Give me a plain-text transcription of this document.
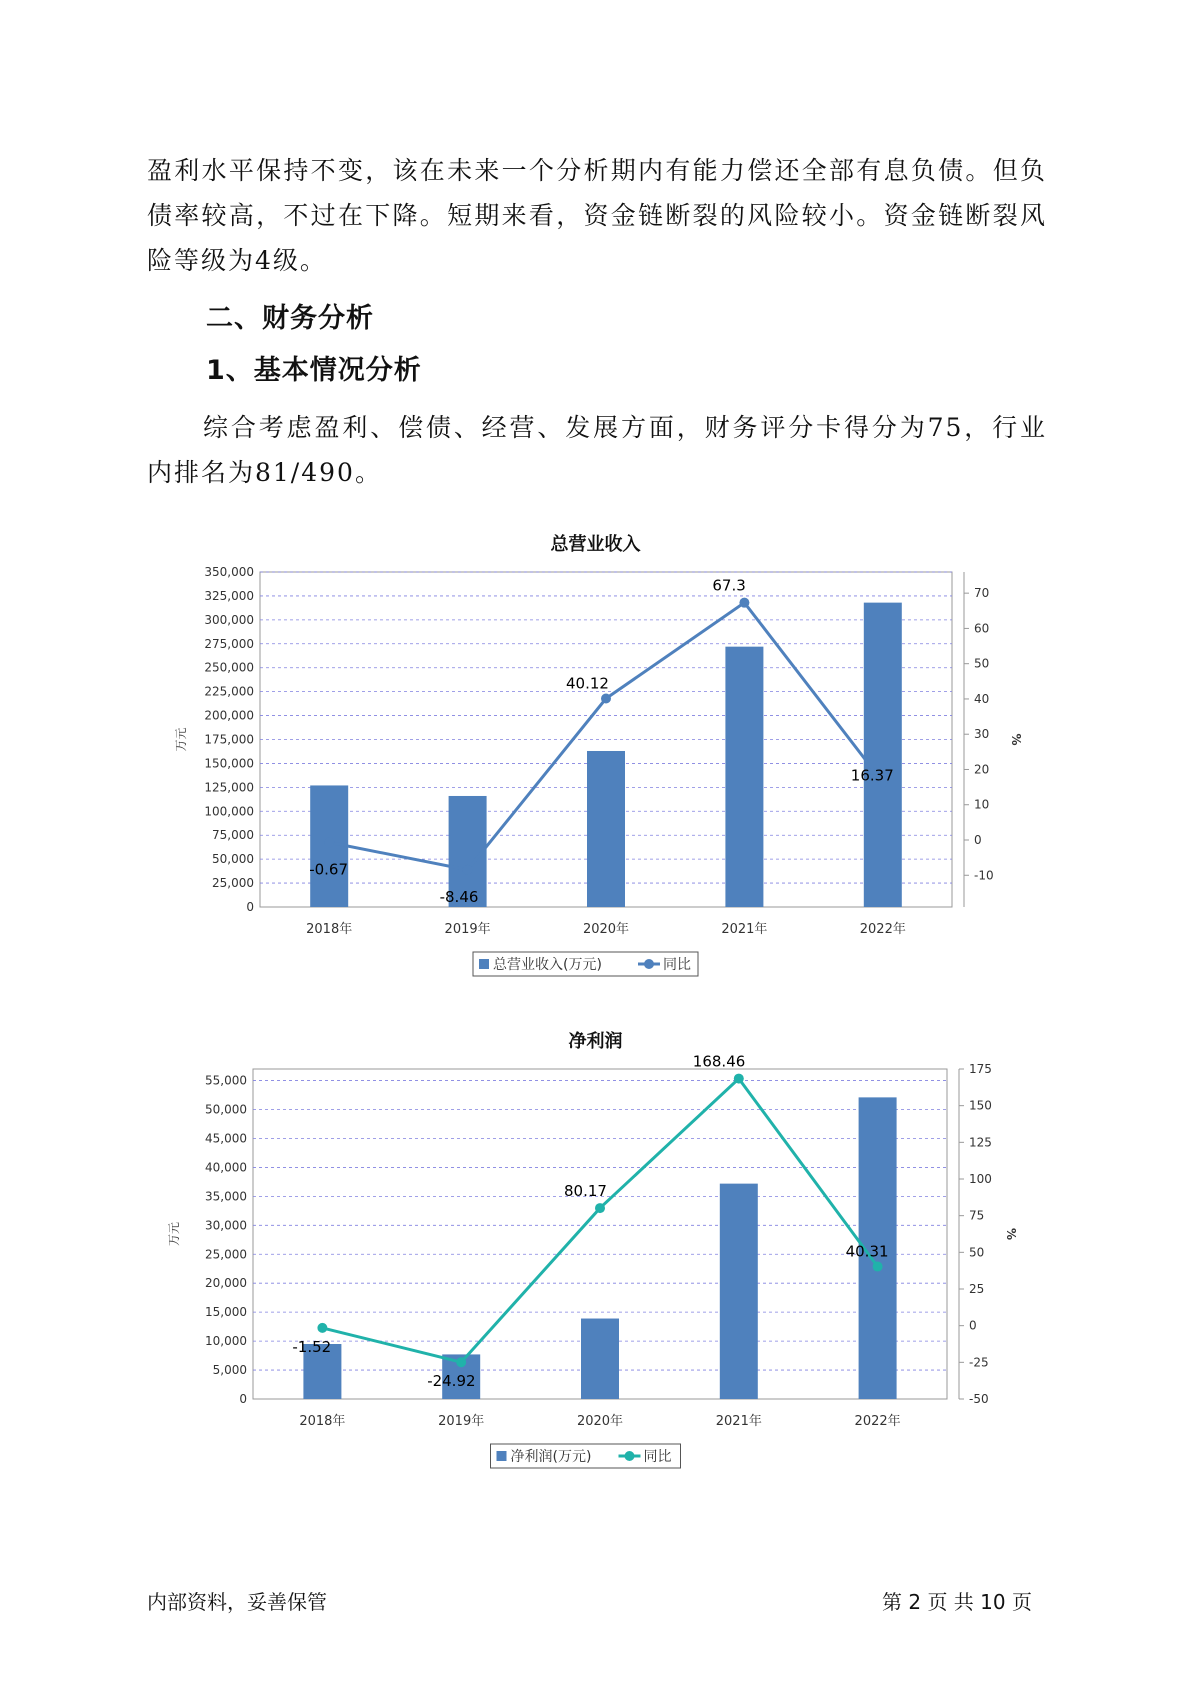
盈利水平保持不变，该在未来一个分析期内有能力偿还全部有息负债。但负债率较高，不过在下降。短期来看，资金链断裂的风险较小。资金链断裂风险等级为4级。
二、财务分析
1、基本情况分析
综合考虑盈利、偿债、经营、发展方面，财务评分卡得分为75，行业内排名为81/490。
总营业收入
0
25,000
50,000
75,000
100,000
125,000
150,000
175,000
200,000
225,000
250,000
275,000
300,000
325,000
350,000
-10
0
10
20
30
40
50
60
70
万元	%
2018年	2019年	2020年	2021年	2022年
-0.67
-8.46
40.12
67.3
16.37
总营业收入(万元)	同比
净利润
0
5,000
10,000
15,000
20,000
25,000
30,000
35,000
40,000
45,000
50,000
55,000
-50
-25
0
25
50
75
100
125
150
175
万元	%
2018年	2019年	2020年	2021年	2022年
-1.52
-24.92
80.17
168.46
40.31
净利润(万元)	同比
内部资料，妥善保管	第 2 页 共 10 页
